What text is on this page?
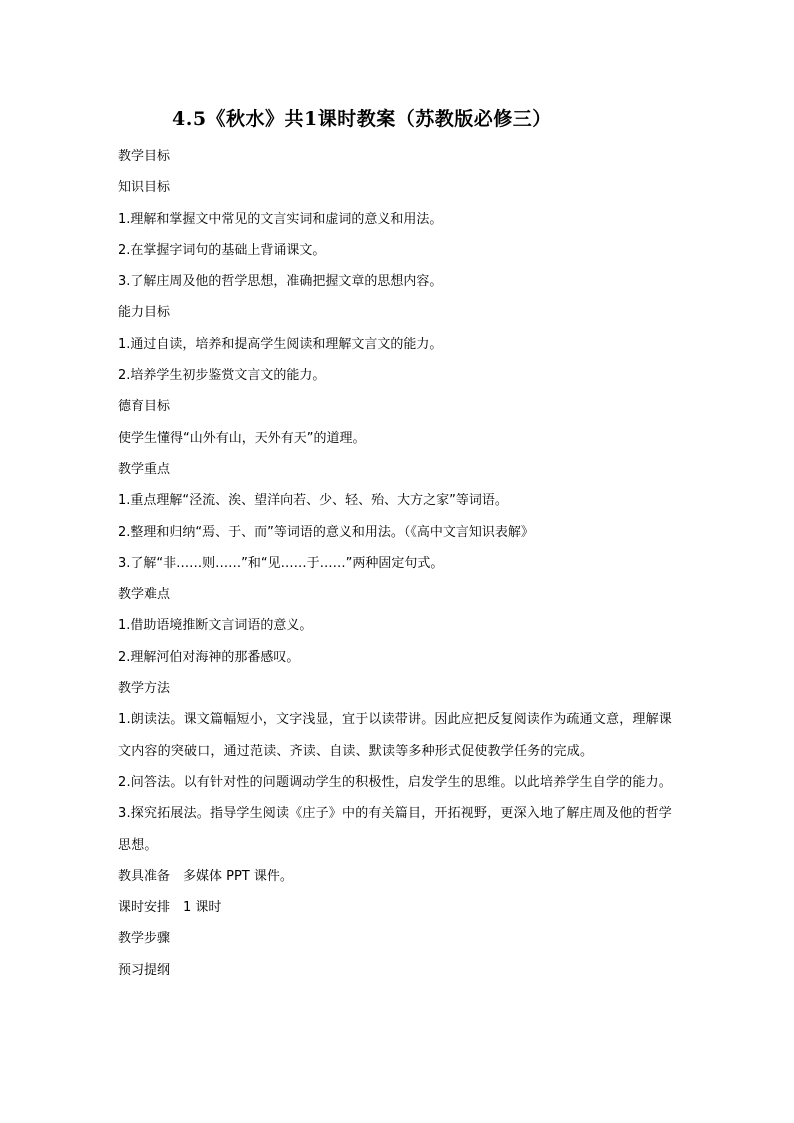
4.5《秋水》共1课时教案（苏教版必修三）
教学目标
知识目标
1.理解和掌握文中常见的文言实词和虚词的意义和用法。
2.在掌握字词句的基础上背诵课文。
3.了解庄周及他的哲学思想，准确把握文章的思想内容。
能力目标
1.通过自读，培养和提高学生阅读和理解文言文的能力。
2.培养学生初步鉴赏文言文的能力。
德育目标
使学生懂得“山外有山，天外有天”的道理。
教学重点
1.重点理解“泾流、涘、望洋向若、少、轻、殆、大方之家”等词语。
2.整理和归纳“焉、于、而”等词语的意义和用法。（《高中文言知识表解》
3.了解“非……则……”和“见……于……”两种固定句式。
教学难点
1.借助语境推断文言词语的意义。
2.理解河伯对海神的那番感叹。
教学方法
1.朗读法。课文篇幅短小，文字浅显，宜于以读带讲。因此应把反复阅读作为疏通文意，理解课文内容的突破口，通过范读、齐读、自读、默读等多种形式促使教学任务的完成。
2.问答法。以有针对性的问题调动学生的积极性，启发学生的思维。以此培养学生自学的能力。
3.探究拓展法。指导学生阅读《庄子》中的有关篇目，开拓视野，更深入地了解庄周及他的哲学思想。
教具准备　多媒体 PPT 课件。
课时安排　1 课时
教学步骤
预习提纲
